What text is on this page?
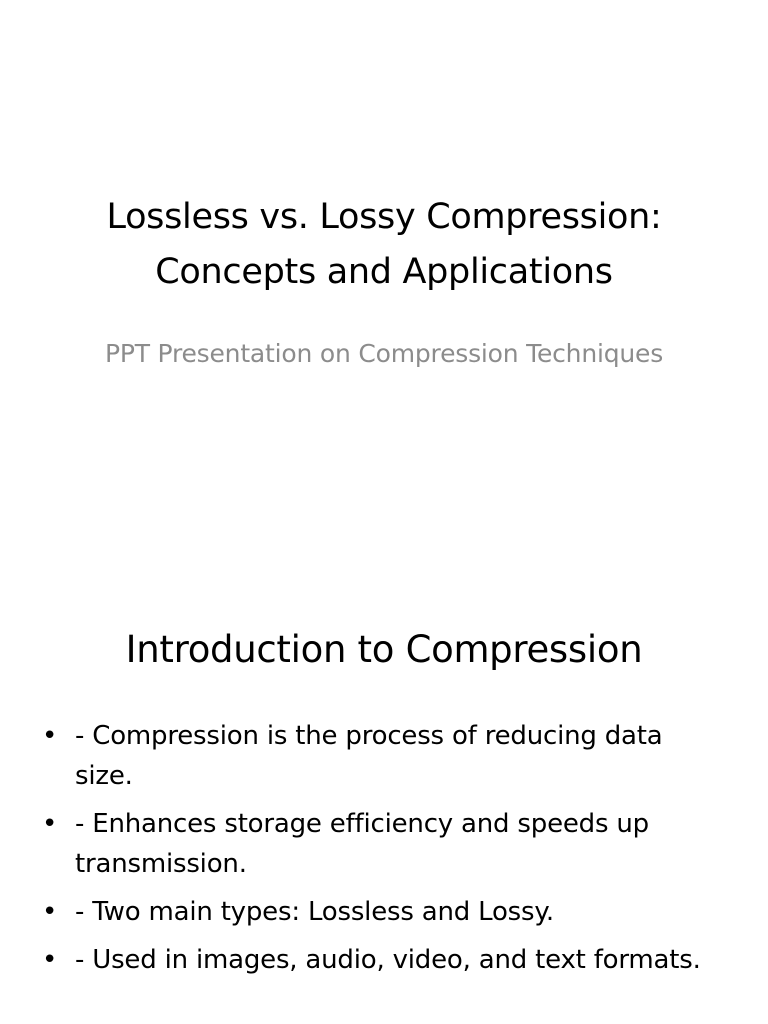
Lossless vs. Lossy Compression: Concepts and Applications
PPT Presentation on Compression Techniques
Introduction to Compression
• - Compression is the process of reducing data size.
• - Enhances storage efficiency and speeds up transmission.
• - Two main types: Lossless and Lossy.
• - Used in images, audio, video, and text formats.
